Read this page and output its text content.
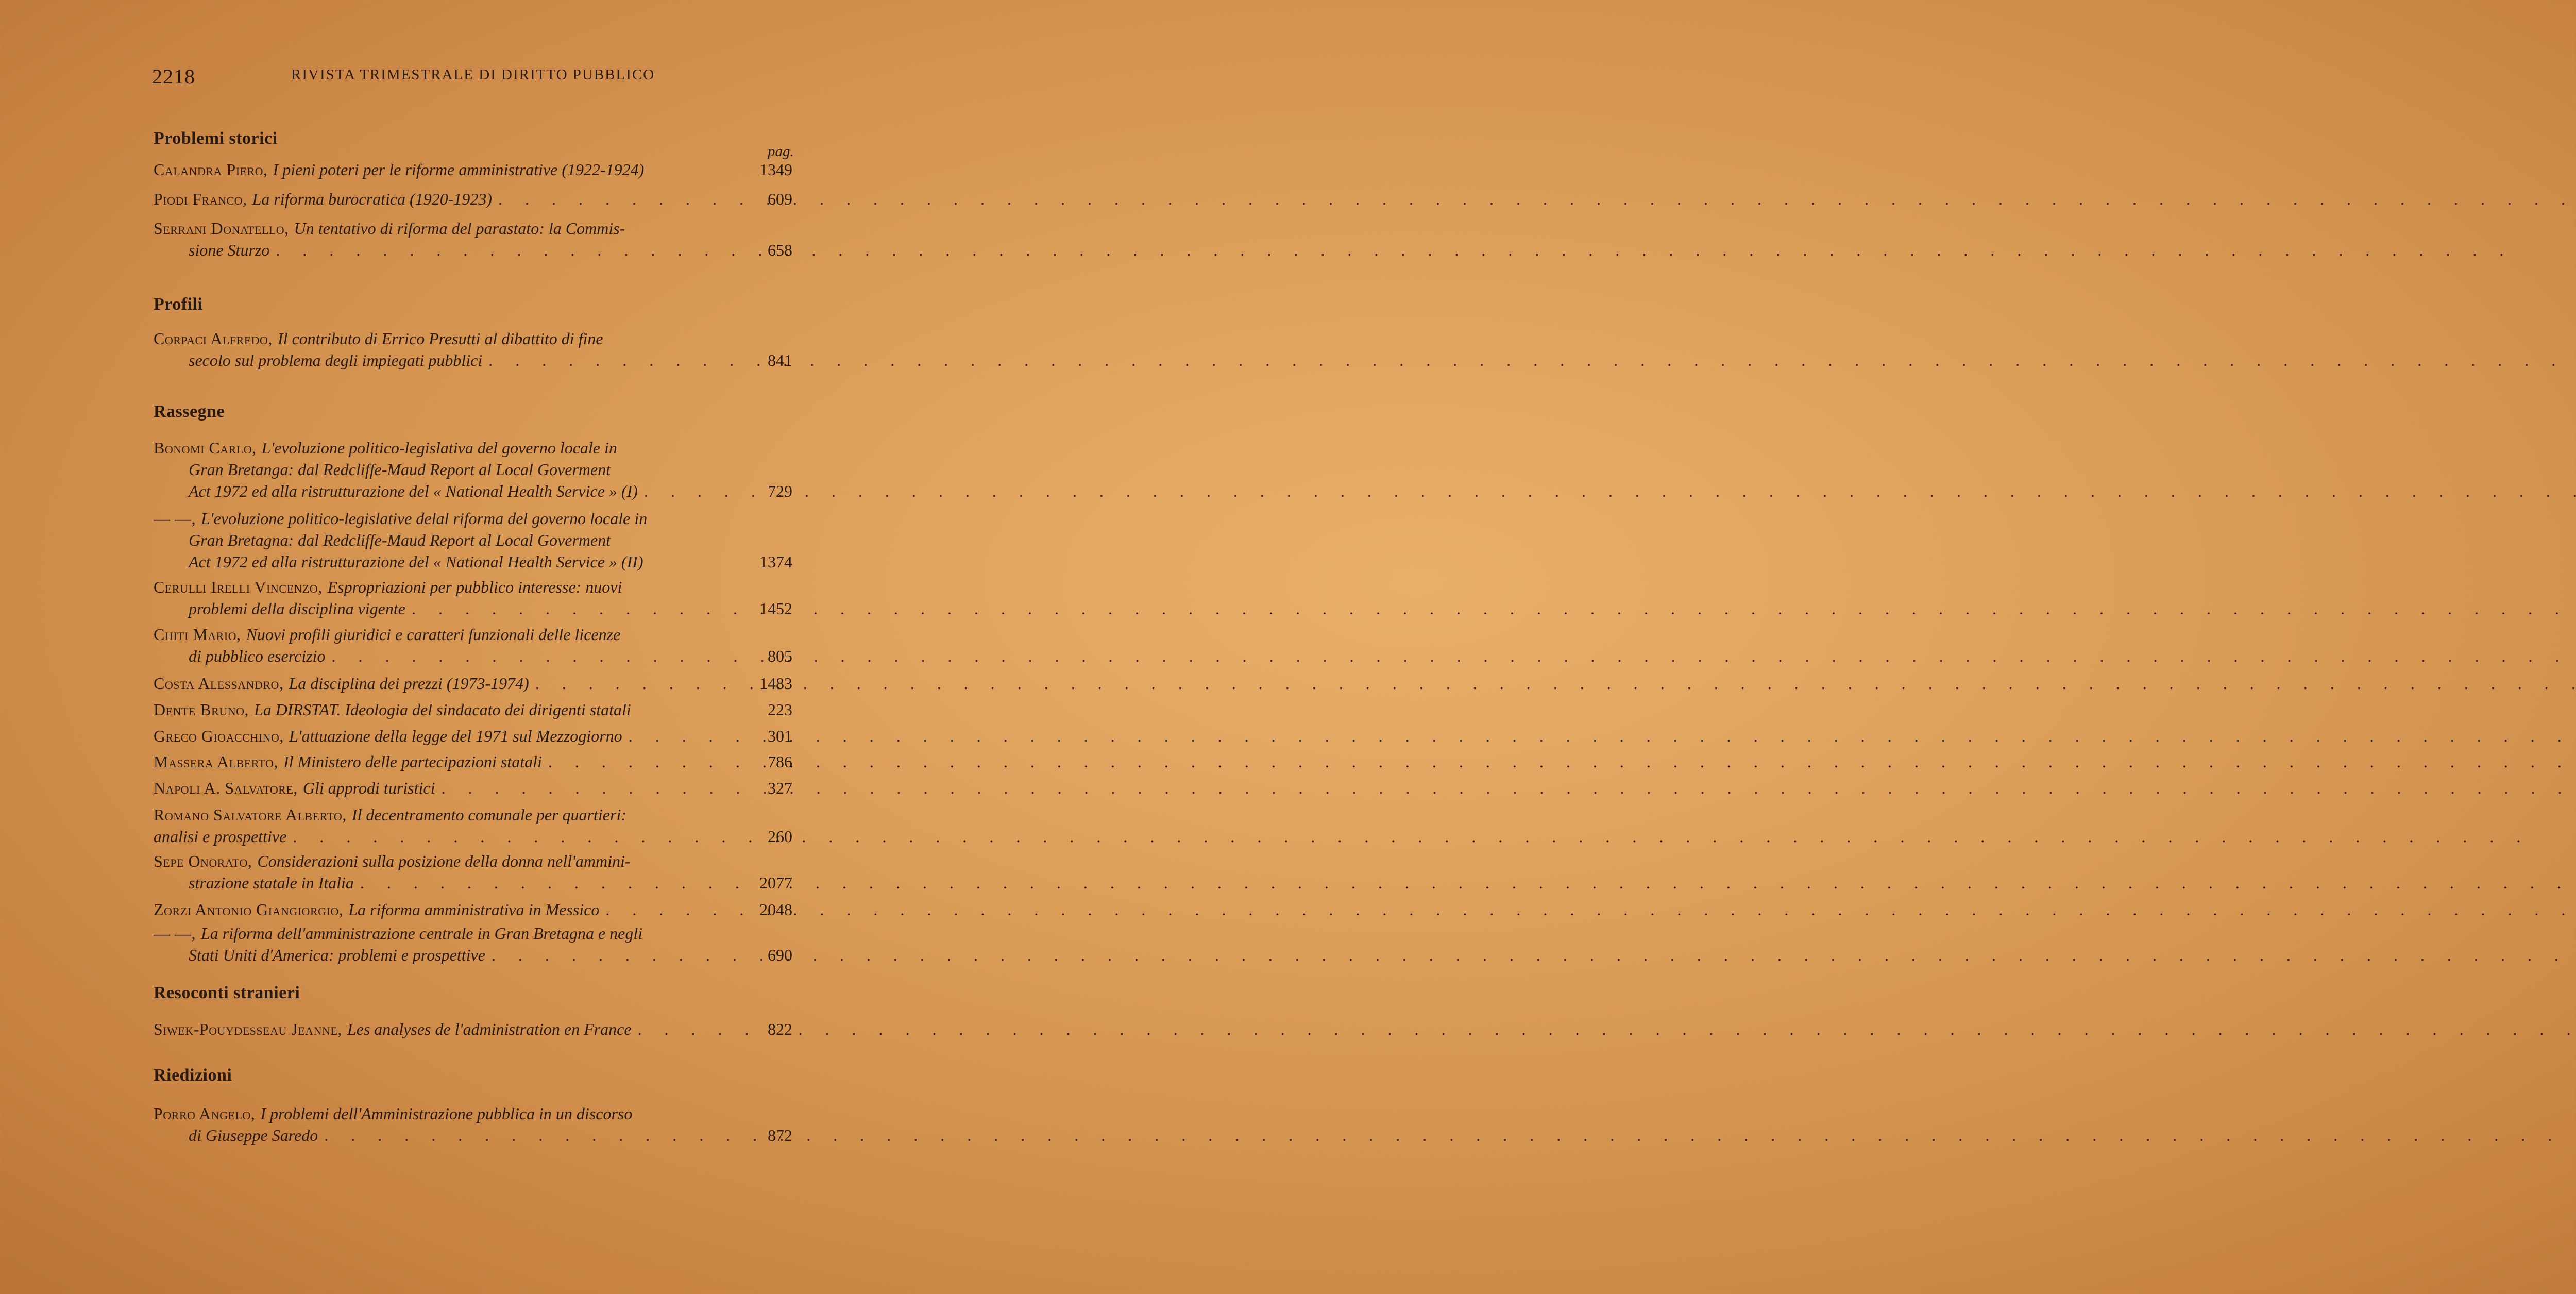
2218	RIVISTA TRIMESTRALE DI DIRITTO PUBBLICO
Problemi storici
pag.
Calandra Piero, I pieni poteri per le riforme amministrative (1922-1924)	1349
Piodi Franco, La riforma burocratica (1920-1923) . . .	609
Serrani Donatello, Un tentativo di riforma del parastato: la Commis-
sione Sturzo . . .	658
Profili
Corpaci Alfredo, Il contributo di Errico Presutti al dibattito di fine
secolo sul problema degli impiegati pubblici . . .	841
Rassegne
Bonomi Carlo, L'evoluzione politico-legislativa del governo locale in
Gran Bretanga: dal Redcliffe-Maud Report al Local Goverment
Act 1972 ed alla ristrutturazione del « National Health Service » (I) . . .	729
— —, L'evoluzione politico-legislative delal riforma del governo locale in
Gran Bretagna: dal Redcliffe-Maud Report al Local Goverment
Act 1972 ed alla ristrutturazione del « National Health Service » (II)	1374
Cerulli Irelli Vincenzo, Espropriazioni per pubblico interesse: nuovi
problemi della disciplina vigente . . .	1452
Chiti Mario, Nuovi profili giuridici e caratteri funzionali delle licenze
di pubblico esercizio . . .	805
Costa Alessandro, La disciplina dei prezzi (1973-1974) . . .	1483
Dente Bruno, La DIRSTAT. Ideologia del sindacato dei dirigenti statali	223
Greco Gioacchino, L'attuazione della legge del 1971 sul Mezzogiorno . . .	301
Massera Alberto, Il Ministero delle partecipazioni statali . . .	786
Napoli A. Salvatore, Gli approdi turistici . . .	327
Romano Salvatore Alberto, Il decentramento comunale per quartieri:
analisi e prospettive . . .	260
Sepe Onorato, Considerazioni sulla posizione della donna nell'ammini-
strazione statale in Italia . . .	2077
Zorzi Antonio Giangiorgio, La riforma amministrativa in Messico . . .	2048
— —, La riforma dell'amministrazione centrale in Gran Bretagna e negli
Stati Uniti d'America: problemi e prospettive . . .	690
Resoconti stranieri
Siwek-Pouydesseau Jeanne, Les analyses de l'administration en France . . .	822
Riedizioni
Porro Angelo, I problemi dell'Amministrazione pubblica in un discorso
di Giuseppe Saredo . . .	872
